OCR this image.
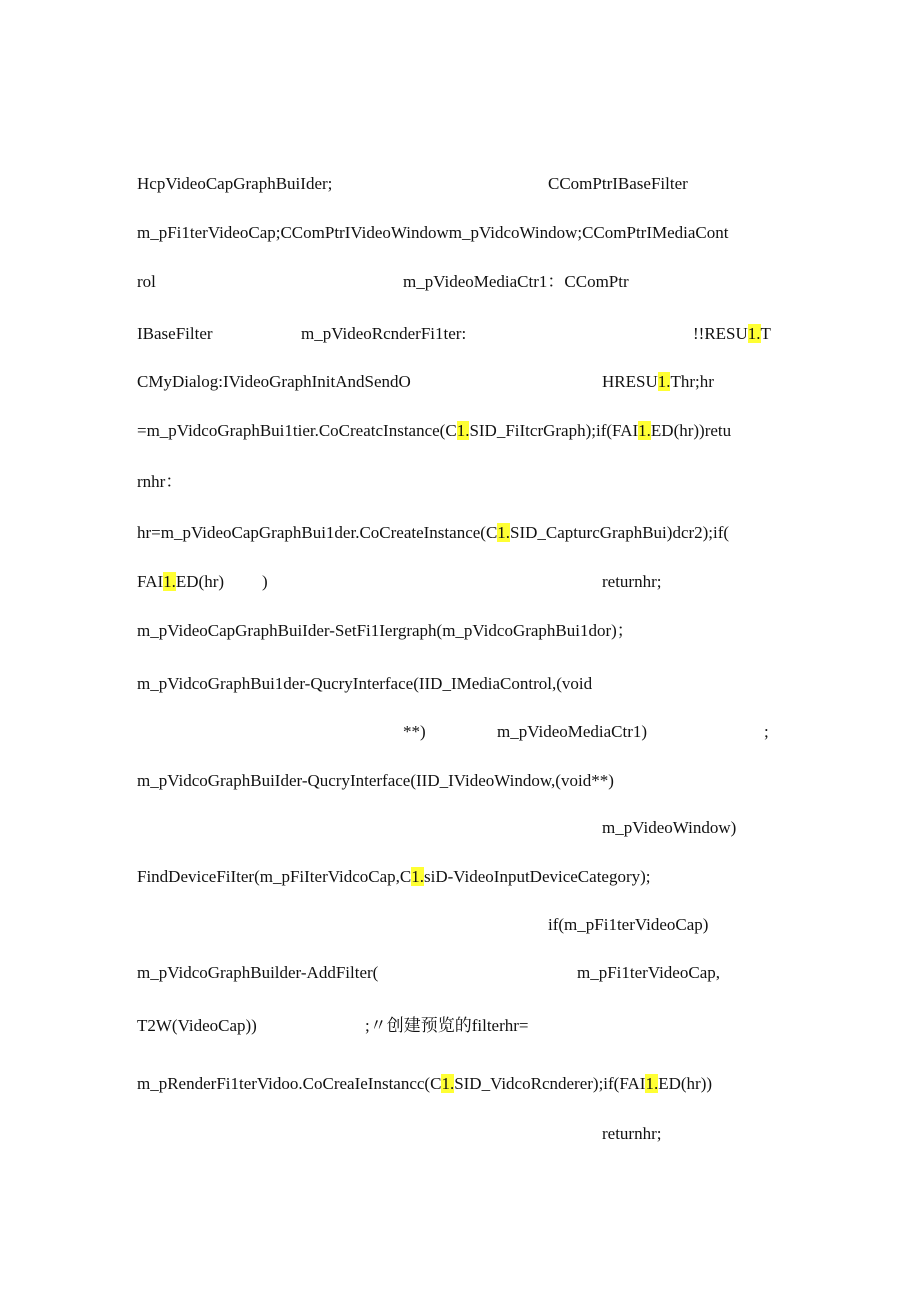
HcpVideoCapGraphBuiIder;	CComPtrIBaseFilter
m_pFi1terVideoCap;CComPtrIVideoWindowm_pVidcoWindow;CComPtrIMediaCont
rol	m_pVideoMediaCtr1：CComPtr
IBaseFilter	m_pVideoRcnderFi1ter:	!!RESU1.T
CMyDialog:IVideoGraphInitAndSendO	HRESU1.Thr;hr
=m_pVidcoGraphBui1tier.CoCreatcInstance(C1.SID_FiItcrGraph);if(FAI1.ED(hr))retu
rnhr：
hr=m_pVideoCapGraphBui1der.CoCreateInstance(C1.SID_CapturcGraphBui)dcr2);if(
FAI1.ED(hr) )	returnhr;
m_pVideoCapGraphBuiIder-SetFi1Iergraph(m_pVidcoGraphBui1dor)；
m_pVidcoGraphBui1der-QucryInterface(IID_IMediaControl,(void
**)	m_pVideoMediaCtr1)	;
m_pVidcoGraphBuiIder-QucryInterface(IID_IVideoWindow,(void**)
m_pVideoWindow)
FindDeviceFiIter(m_pFiIterVidcoCap,C1.siD-VideoInputDeviceCategory);
if(m_pFi1terVideoCap)
m_pVidcoGraphBuilder-AddFilter(	m_pFi1terVideoCap,
T2W(VideoCap))	;〃创建预览的filterhr=
m_pRenderFi1terVidoo.CoCreaIeInstancc(C1.SID_VidcoRcnderer);if(FAI1.ED(hr))
returnhr;
